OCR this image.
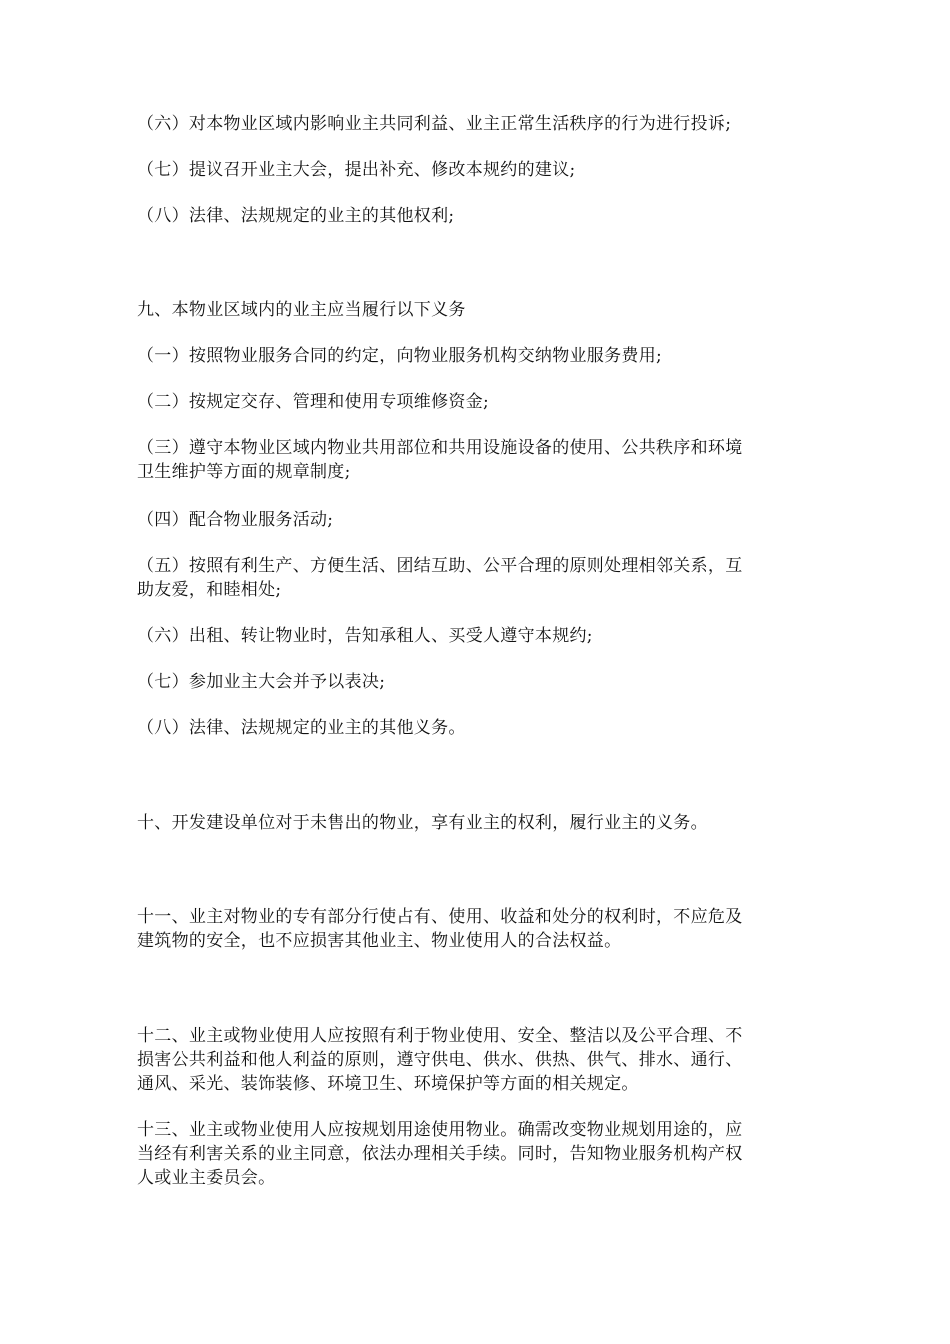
（六）对本物业区域内影响业主共同利益、业主正常生活秩序的行为进行投诉;
（七）提议召开业主大会，提出补充、修改本规约的建议;
（八）法律、法规规定的业主的其他权利;
九、本物业区域内的业主应当履行以下义务
（一）按照物业服务合同的约定，向物业服务机构交纳物业服务费用;
（二）按规定交存、管理和使用专项维修资金;
（三）遵守本物业区域内物业共用部位和共用设施设备的使用、公共秩序和环境
卫生维护等方面的规章制度;
（四）配合物业服务活动;
（五）按照有利生产、方便生活、团结互助、公平合理的原则处理相邻关系，互
助友爱，和睦相处;
（六）出租、转让物业时，告知承租人、买受人遵守本规约;
（七）参加业主大会并予以表决;
（八）法律、法规规定的业主的其他义务。
十、开发建设单位对于未售出的物业，享有业主的权利，履行业主的义务。
十一、业主对物业的专有部分行使占有、使用、收益和处分的权利时，不应危及
建筑物的安全，也不应损害其他业主、物业使用人的合法权益。
十二、业主或物业使用人应按照有利于物业使用、安全、整洁以及公平合理、不
损害公共利益和他人利益的原则，遵守供电、供水、供热、供气、排水、通行、
通风、采光、装饰装修、环境卫生、环境保护等方面的相关规定。
十三、业主或物业使用人应按规划用途使用物业。确需改变物业规划用途的，应
当经有利害关系的业主同意，依法办理相关手续。同时，告知物业服务机构产权
人或业主委员会。
